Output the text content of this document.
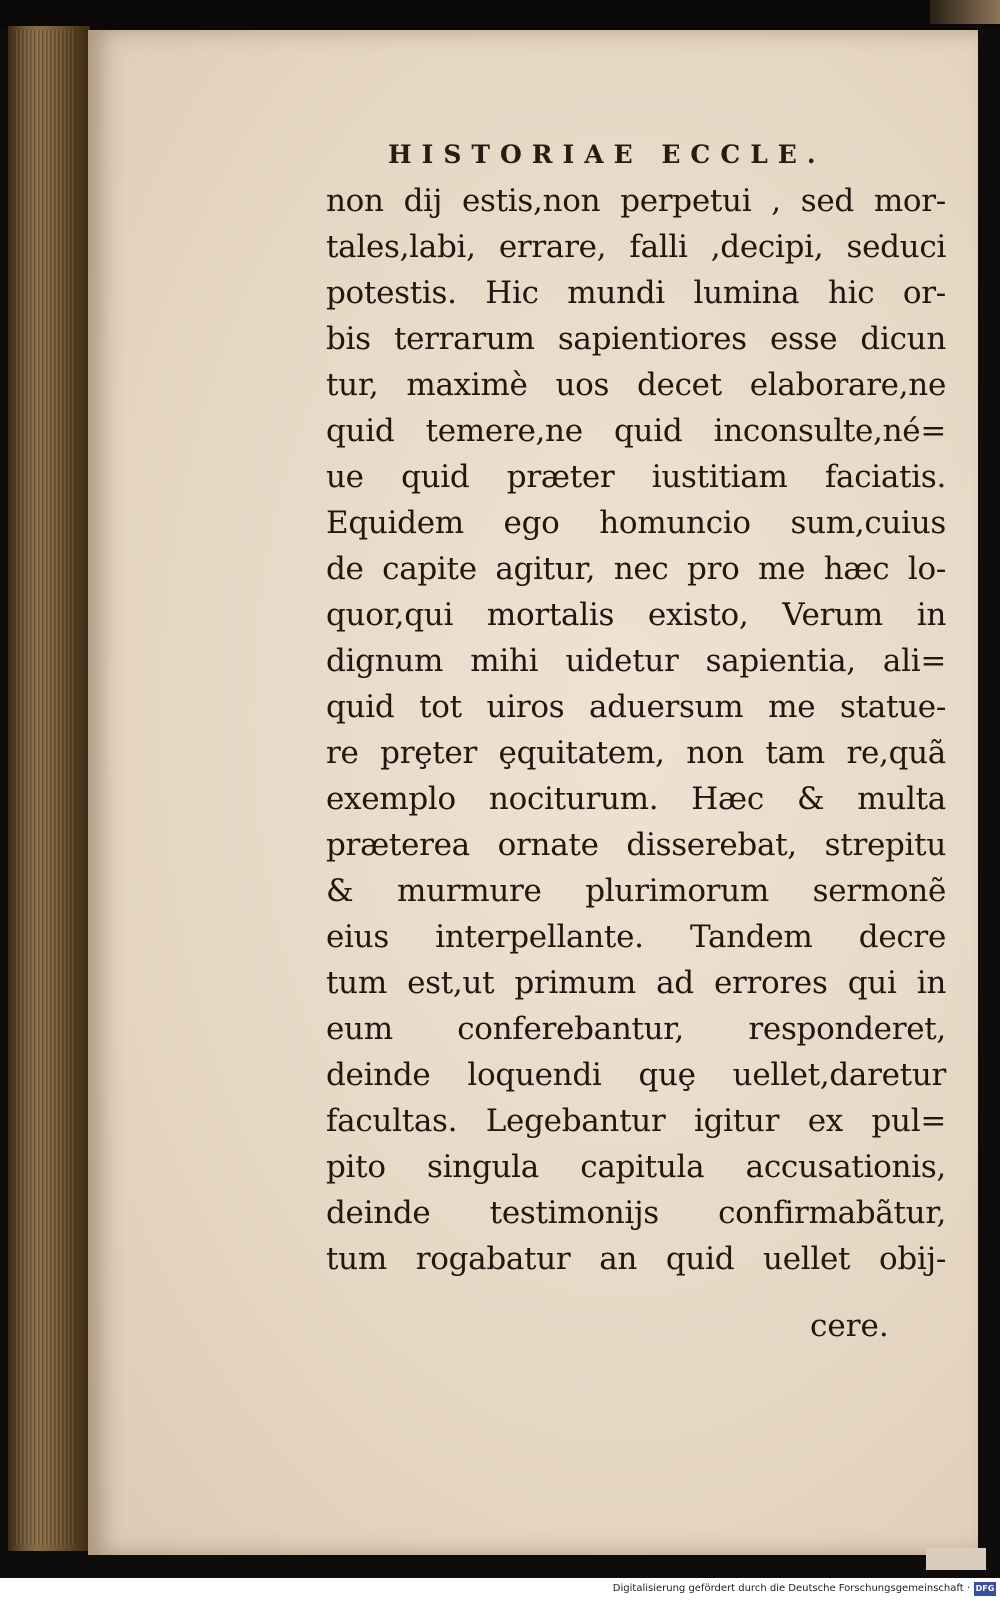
HISTORIAE ECCLE.
non dij estis,non perpetui , sed mor-
tales,labi, errare, falli ,decipi, seduci
potestis. Hic mundi lumina hic or-
bis terrarum sapientiores esse dicun
tur, maximè uos decet elaborare,ne
quid temere,ne quid inconsulte,né=
ue quid præter iustitiam faciatis.
Equidem ego homuncio sum,cuius
de capite agitur, nec pro me hæc lo-
quor,qui mortalis existo, Verum in
dignum mihi uidetur sapientia, ali=
quid tot uiros aduersum me statue-
re prȩter ȩquitatem, non tam re,quã
exemplo nociturum. Hæc & multa
præterea ornate disserebat, strepitu
& murmure plurimorum sermonẽ
eius interpellante. Tandem decre
tum est,ut primum ad errores qui in
eum conferebantur, responderet,
deinde loquendi quȩ uellet,daretur
facultas. Legebantur igitur ex pul=
pito singula capitula accusationis,
deinde testimonijs confirmabãtur,
tum rogabatur an quid uellet obij-
cere.
Digitalisierung gefördert durch die Deutsche Forschungsgemeinschaft · DFG
